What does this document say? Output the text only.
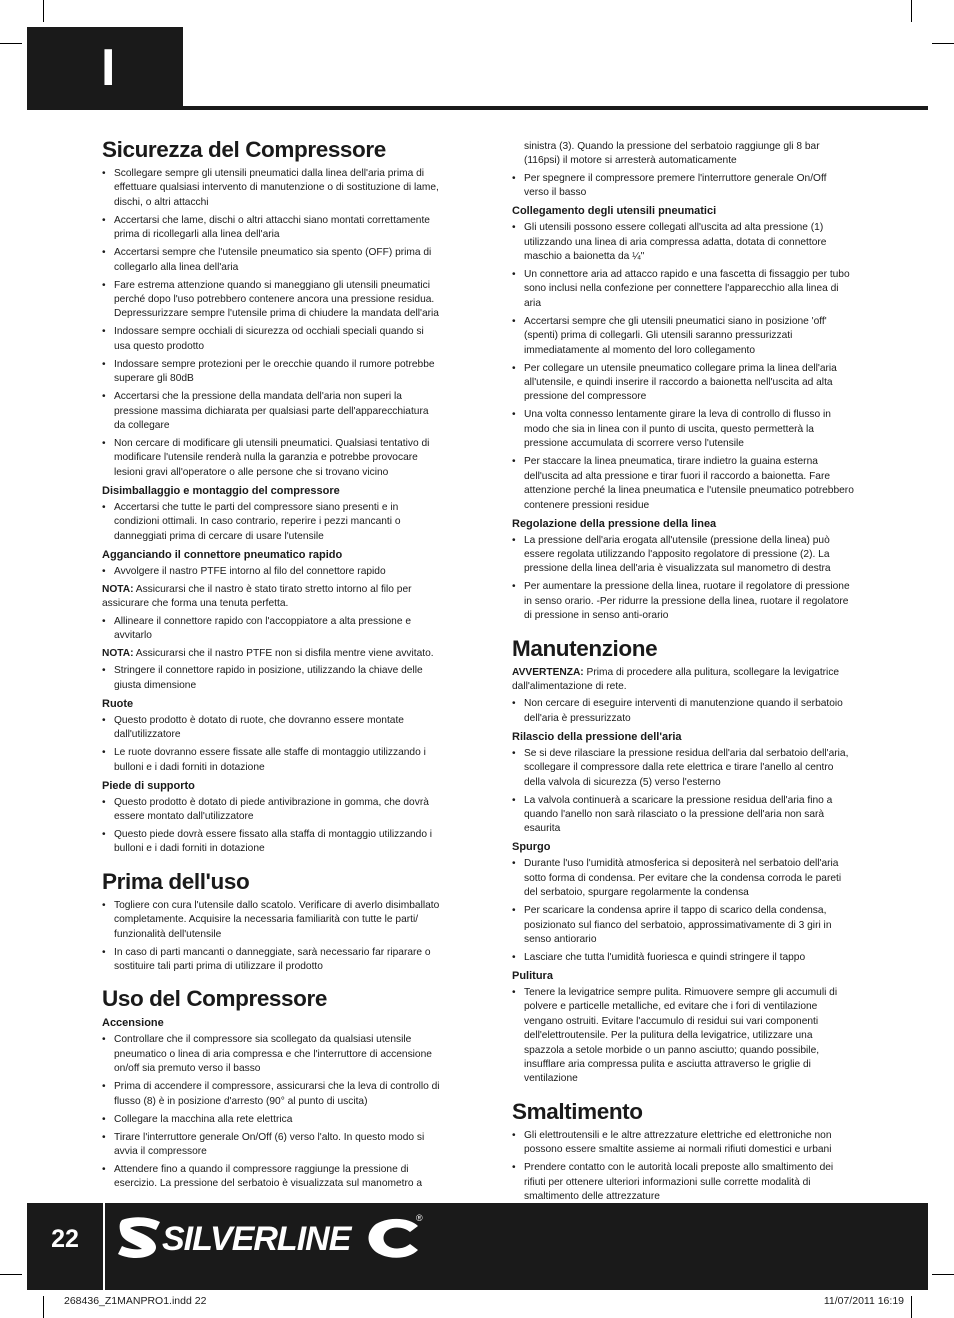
I
Sicurezza del Compressore
• Scollegare sempre gli utensili pneumatici dalla linea dell'aria prima di effettuare qualsiasi intervento di manutenzione o di sostituzione di lame, dischi, o altri attacchi
• Accertarsi che lame, dischi o altri attacchi siano montati correttamente prima di ricollegarli alla linea dell'aria
• Accertarsi sempre che l'utensile pneumatico sia spento (OFF) prima di collegarlo alla linea dell'aria
• Fare estrema attenzione quando si maneggiano gli utensili pneumatici perché dopo l'uso potrebbero contenere ancora una pressione residua. Depressurizzare sempre l'utensile prima di chiudere la mandata dell'aria
• Indossare sempre occhiali di sicurezza od occhiali speciali quando si usa questo prodotto
• Indossare sempre protezioni per le orecchie quando il rumore potrebbe superare gli 80dB
• Accertarsi che la pressione della mandata dell'aria non superi la pressione massima dichiarata per qualsiasi parte dell'apparecchiatura da collegare
• Non cercare di modificare gli utensili pneumatici. Qualsiasi tentativo di modificare l'utensile renderà nulla la garanzia e potrebbe provocare lesioni gravi all'operatore o alle persone che si trovano vicino
Disimballaggio e montaggio del compressore
• Accertarsi che tutte le parti del compressore siano presenti e in condizioni ottimali. In caso contrario, reperire i pezzi mancanti o danneggiati prima di cercare di usare l'utensile
Agganciando il connettore pneumatico rapido
• Avvolgere il nastro PTFE intorno al filo del connettore rapido

NOTA: Assicurarsi che il nastro è stato tirato stretto intorno al filo per assicurare che forma una tenuta perfetta.

• Allineare il connettore rapido con l'accoppiatore a alta pressione e avvitarlo

NOTA: Assicurarsi che il nastro PTFE non si disfila mentre viene avvitato.

• Stringere il connettore rapido in posizione, utilizzando la chiave delle giusta dimensione
Ruote
• Questo prodotto è dotato di ruote, che dovranno essere montate dall'utilizzatore
• Le ruote dovranno essere fissate alle staffe di montaggio utilizzando i bulloni e i dadi forniti in dotazione
Piede di supporto
• Questo prodotto è dotato di piede antivibrazione in gomma, che dovrà essere montato dall'utilizzatore
• Questo piede dovrà essere fissato alla staffa di montaggio utilizzando i bulloni e i dadi forniti in dotazione
Prima dell'uso
• Togliere con cura l'utensile dallo scatolo. Verificare di averlo disimballato completamente. Acquisire la necessaria familiarità con tutte le parti/ funzionalità dell'utensile
• In caso di parti mancanti o danneggiate, sarà necessario far riparare o sostituire tali parti prima di utilizzare il prodotto
Uso del Compressore
Accensione
• Controllare che il compressore sia scollegato da qualsiasi utensile pneumatico o linea di aria compressa e che l'interruttore di accensione on/off sia premuto verso il basso
• Prima di accendere il compressore, assicurarsi che la leva di controllo di flusso (8) è in posizione d'arresto (90° al punto di uscita)
• Collegare la macchina alla rete elettrica
• Tirare l'interruttore generale On/Off (6) verso l'alto. In questo modo si avvia il compressore
• Attendere fino a quando il compressore raggiunge la pressione di esercizio. La pressione del serbatoio è visualizzata sul manometro a

sinistra (3). Quando la pressione del serbatoio raggiunge gli 8 bar (116psi) il motore si arresterà automaticamente

• Per spegnere il compressore premere l'interruttore generale On/Off verso il basso
Collegamento degli utensili pneumatici
• Gli utensili possono essere collegati all'uscita ad alta pressione (1) utilizzando una linea di aria compressa adatta, dotata di connettore maschio a baionetta da ¼"
• Un connettore aria ad attacco rapido e una fascetta di fissaggio per tubo sono inclusi nella confezione per connettere l'apparecchio alla linea di aria
• Accertarsi sempre che gli utensili pneumatici siano in posizione 'off' (spenti) prima di collegarli. Gli utensili saranno pressurizzati immediatamente al momento del loro collegamento
• Per collegare un utensile pneumatico collegare prima la linea dell'aria all'utensile, e quindi inserire il raccordo a baionetta nell'uscita ad alta pressione del compressore
• Una volta connesso lentamente girare la leva di controllo di flusso in modo che sia in linea con il punto di uscita, questo permetterà la pressione accumulata di scorrere verso l'utensile
• Per staccare la linea pneumatica, tirare indietro la guaina esterna dell'uscita ad alta pressione e tirar fuori il raccordo a baionetta. Fare attenzione perché la linea pneumatica e l'utensile pneumatico potrebbero contenere pressioni residue
Regolazione della pressione della linea
• La pressione dell'aria erogata all'utensile (pressione della linea) può essere regolata utilizzando l'apposito regolatore di pressione (2). La pressione della linea dell'aria è visualizzata sul manometro di destra
• Per aumentare la pressione della linea, ruotare il regolatore di pressione in senso orario. -Per ridurre la pressione della linea, ruotare il regolatore di pressione in senso anti-orario
Manutenzione

AVVERTENZA: Prima di procedere alla pulitura, scollegare la levigatrice dall'alimentazione di rete.

• Non cercare di eseguire interventi di manutenzione quando il serbatoio dell'aria è pressurizzato
Rilascio della pressione dell'aria
• Se si deve rilasciare la pressione residua dell'aria dal serbatoio dell'aria, scollegare il compressore dalla rete elettrica e tirare l'anello al centro della valvola di sicurezza (5) verso l'esterno
• La valvola continuerà a scaricare la pressione residua dell'aria fino a quando l'anello non sarà rilasciato o la pressione dell'aria non sarà esaurita
Spurgo
• Durante l'uso l'umidità atmosferica si depositerà nel serbatoio dell'aria sotto forma di condensa. Per evitare che la condensa corroda le pareti del serbatoio, spurgare regolarmente la condensa
• Per scaricare la condensa aprire il tappo di scarico della condensa, posizionato sul fianco del serbatoio, approssimativamente di 3 giri in senso antiorario
• Lasciare che tutta l'umidità fuoriesca e quindi stringere il tappo
Pulitura
• Tenere la levigatrice sempre pulita. Rimuovere sempre gli accumuli di polvere e particelle metalliche, ed evitare che i fori di ventilazione vengano ostruiti. Evitare l'accumulo di residui sui vari componenti dell'elettroutensile. Per la pulitura della levigatrice, utilizzare una spazzola a setole morbide o un panno asciutto; quando possibile, insufflare aria compressa pulita e asciutta attraverso le griglie di ventilazione
Smaltimento
• Gli elettroutensili e le altre attrezzature elettriche ed elettroniche non possono essere smaltite assieme ai normali rifiuti domestici e urbani
• Prendere contatto con le autorità locali preposte allo smaltimento dei rifiuti per ottenere ulteriori informazioni sulle corrette modalità di smaltimento delle attrezzature
22	SILVERLINE
®
268436_Z1MANPRO1.indd 22	11/07/2011 16:19
